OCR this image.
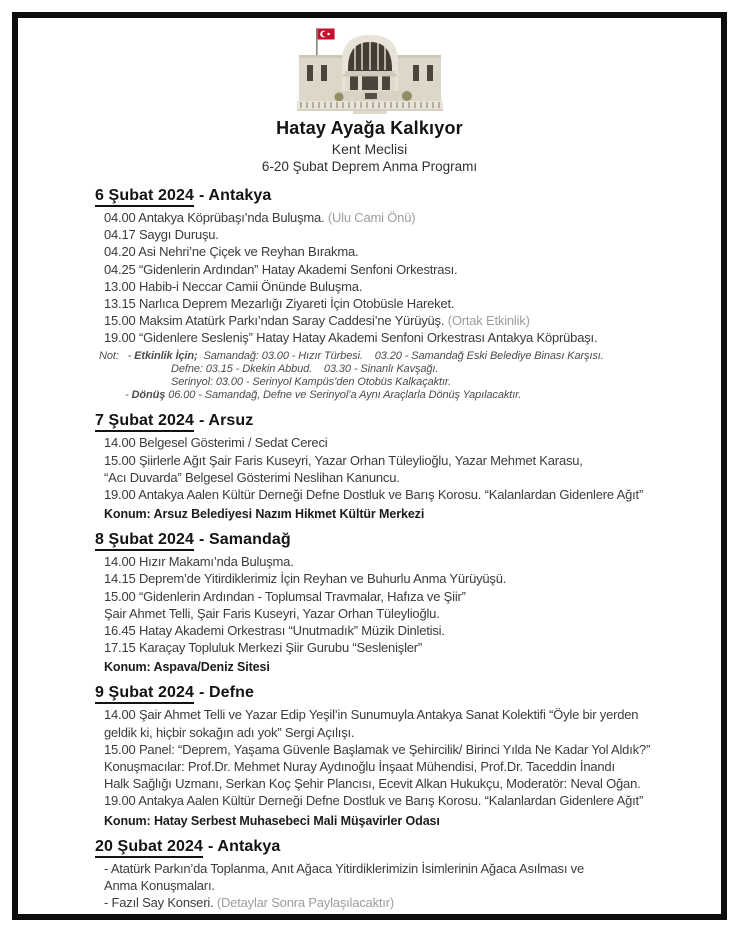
Hatay Ayağa Kalkıyor
Kent Meclisi
6-20 Şubat Deprem Anma Programı
6 Şubat 2024 - Antakya
04.00 Antakya Köprübaşı’nda Buluşma. (Ulu Cami Önü)
04.17 Saygı Duruşu.
04.20 Asi Nehri’ne Çiçek ve Reyhan Bırakma.
04.25 “Gidenlerin Ardından” Hatay Akademi Senfoni Orkestrası.
13.00 Habib-i Neccar Camii Önünde Buluşma.
13.15 Narlıca Deprem Mezarlığı Ziyareti İçin Otobüsle Hareket.
15.00 Maksim Atatürk Parkı’ndan Saray Caddesi’ne Yürüyüş. (Ortak Etkinlik)
19.00 “Gidenlere Sesleniş” Hatay Hatay Akademi Senfoni Orkestrası Antakya Köprübaşı.
Not:   - Etkinlik İçin;  Samandağ: 03.00 - Hızır Türbesi.    03.20 - Samandağ Eski Belediye Binası Karşısı.
Defne: 03.15 - Dkekin Abbud.    03.30 - Sinanlı Kavşağı.
Serinyol: 03.00 - Serinyol Kampüs’den Otobüs Kalkaçaktır.
- Dönüş 06.00 - Samandağ, Defne ve Serinyol’a Aynı Araçlarla Dönüş Yapılacaktır.
7 Şubat 2024 - Arsuz
14.00 Belgesel Gösterimi / Sedat Cereci
15.00 Şiirlerle Ağıt Şair Faris Kuseyri, Yazar Orhan Tüleylioğlu, Yazar Mehmet Karasu,
“Acı Duvarda” Belgesel Gösterimi Neslihan Kanuncu.
19.00 Antakya Aalen Kültür Derneği Defne Dostluk ve Barış Korosu. “Kalanlardan Gidenlere Ağıt”
Konum: Arsuz Belediyesi Nazım Hikmet Kültür Merkezi
8 Şubat 2024 - Samandağ
14.00 Hızır Makamı’nda Buluşma.
14.15 Deprem’de Yitirdiklerimiz İçin Reyhan ve Buhurlu Anma Yürüyüşü.
15.00 “Gidenlerin Ardından - Toplumsal Travmalar, Hafıza ve Şiir”
Şair Ahmet Telli, Şair Faris Kuseyri, Yazar Orhan Tüleylioğlu.
16.45 Hatay Akademi Orkestrası “Unutmadık” Müzik Dinletisi.
17.15 Karaçay Topluluk Merkezi Şiir Gurubu “Seslenişler”
Konum: Aspava/Deniz Sitesi
9 Şubat 2024 - Defne
14.00 Şair Ahmet Telli ve Yazar Edip Yeşil’in Sunumuyla Antakya Sanat Kolektifi “Öyle bir yerden
geldik ki, hiçbir sokağın adı yok” Sergi Açılışı.
15.00 Panel: “Deprem, Yaşama Güvenle Başlamak ve Şehircilik/ Birinci Yılda Ne Kadar Yol Aldık?”
Konuşmacılar: Prof.Dr. Mehmet Nuray Aydınoğlu İnşaat Mühendisi, Prof.Dr. Taceddin İnandı
Halk Sağlığı Uzmanı, Serkan Koç Şehir Plancısı, Ecevit Alkan Hukukçu, Moderatör: Neval Oğan.
19.00 Antakya Aalen Kültür Derneği Defne Dostluk ve Barış Korosu. “Kalanlardan Gidenlere Ağıt”
Konum: Hatay Serbest Muhasebeci Mali Müşavirler Odası
20 Şubat 2024 - Antakya
- Atatürk Parkın’da Toplanma, Anıt Ağaca Yitirdiklerimizin İsimlerinin Ağaca Asılması ve
Anma Konuşmaları.
- Fazıl Say Konseri. (Detaylar Sonra Paylaşılacaktır)
